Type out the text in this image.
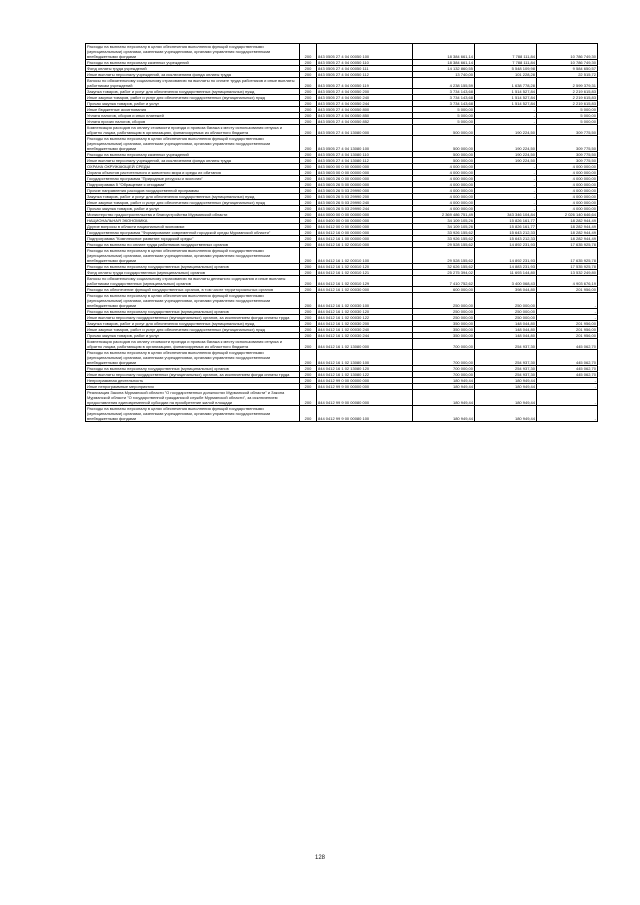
Расходы на выплаты персоналу в целях обеспечения выполнения функций государственными (муниципальными) органами, казенными учреждениями, органами управления государственными внебюджетными фондами	200	843 0505 27 4 04 00050 100	18 384 661,14	7 788 111,84	10 786 749,30
Расходы на выплаты персоналу казенных учреждений	200	843 0505 27 4 04 00050 110	18 384 661,14	7 788 111,84	10 786 749,30
Фонд оплаты труда учреждений	200	843 0505 27 4 04 00050 111	14 132 860,55	5 548 109,98	9 584 650,57
Иные выплаты персоналу учреждений, за исключением фонда оплаты труда	200	843 0505 27 4 04 00050 112	13 740,00	101 228,28	22 515,72
Взносы по обязательному социальному страхованию на выплаты по оплате труда работников и иные выплаты работникам учреждений	200	843 0505 27 4 04 00050 119	4 238 155,59	1 638 778,28	2 599 379,31
Закупка товаров, работ и услуг для обеспечения государственных (муниципальных) нужд	200	843 0505 27 4 04 00050 200	3 734 143,68	1 514 527,84	2 219 615,83
Иные закупки товаров, работ и услуг для обеспечения государственных (муниципальных) нужд	200	843 0505 27 4 04 00050 240	3 734 143,68	1 514 527,84	2 219 615,83
Прочая закупка товаров, работ и услуг	200	843 0505 27 4 04 00050 244	3 734 143,68	1 514 527,84	2 219 615,83
Иные бюджетные ассигнования	200	843 0505 27 4 04 00050 800	5 000,00	-	5 000,00
Уплата налогов, сборов и иных платежей	200	843 0505 27 4 04 00050 850	5 000,00	-	5 000,00
Уплата прочих налогов, сборов	200	843 0505 27 4 04 00050 852	5 000,00	-	5 000,00
Компенсация расходов на оплату стоимости проезда и провоза багажа к месту использования отпуска и обратно лицам, работающим в организациях, финансируемых из областного бюджета	200	843 0505 27 4 04 13080 000	500 000,00	190 224,50	309 775,50
Расходы на выплаты персоналу в целях обеспечения выполнения функций государственными (муниципальными) органами, казенными учреждениями, органами управления государственными внебюджетными фондами	200	843 0505 27 4 04 13080 100	500 000,00	190 224,50	309 775,50
Расходы на выплаты персоналу казенных учреждений	200	843 0505 27 4 04 13080 110	500 000,00	190 224,50	309 775,50
Иные выплаты персоналу учреждений, за исключением фонда оплаты труда	200	843 0505 27 4 04 13080 112	500 000,00	190 224,50	309 775,50
ОХРАНА ОКРУЖАЮЩЕЙ СРЕДЫ	200	843 0600 00 0 00 00000 000	4 000 000,00	-	4 000 000,00
Охрана объектов растительного и животного мира и среды их обитания	200	843 0603 00 0 00 00000 000	4 000 000,00	-	4 000 000,00
Государственная программа "Природные ресурсы и экология"	200	843 0603 26 0 00 00000 000	4 000 000,00	-	4 000 000,00
Подпрограмма 5 "Обращение с отходами"	200	843 0603 26 5 00 00000 000	4 000 000,00	-	4 000 000,00
Прочие направления расходов государственной программы	200	843 0603 26 5 03 29990 000	4 000 000,00	-	4 000 000,00
Закупка товаров, работ и услуг для обеспечения государственных (муниципальных) нужд	200	843 0603 26 5 03 29990 200	4 000 000,00	-	4 000 000,00
Иные закупки товаров, работ и услуг для обеспечения государственных (муниципальных) нужд	200	843 0603 26 5 03 29990 240	4 000 000,00	-	4 000 000,00
Прочая закупка товаров, работ и услуг	200	843 0603 26 5 03 29990 244	4 000 000,00	-	4 000 000,00
Министерство градостроительства и благоустройства Мурманской области	200	844 0000 00 0 00 00000 000	2 369 486 751,49	343 346 104,84	2 026 140 646,64
НАЦИОНАЛЬНАЯ ЭКОНОМИКА	200	844 0400 00 0 00 00000 000	34 109 105,26	15 826 161,77	18 282 944,49
Другие вопросы в области национальной экономики	200	844 0412 00 0 00 00000 000	34 109 105,26	15 826 161,77	18 282 944,49
Государственная программа "Формирование современной городской среды Мурманской области"	200	844 0412 16 0 00 00000 000	33 926 155,62	15 643 212,33	18 282 944,49
Подпрограмма "Комплексное развитие городской среды"	200	844 0412 16 1 00 00000 000	33 926 155,62	15 643 212,33	18 282 944,49
Расходы на выплаты по оплате труда работников государственных органов	200	844 0412 16 1 02 00010 000	29 528 155,62	14 892 231,93	17 635 925,78
Расходы на выплаты персоналу в целях обеспечения выполнения функций государственными (муниципальными) органами, казенными учреждениями, органами управления государственными внебюджетными фондами	200	844 0412 16 1 02 00010 100	29 528 155,62	14 892 231,93	17 635 925,78
Расходы на выплаты персоналу государственных (муниципальных) органов	200	844 0412 16 1 02 00010 120	32 626 155,62	14 883 231,93	17 535 925,78
Фонд оплаты труда государственных (муниципальных) органов	200	844 0412 16 1 02 00010 121	25 275 394,02	11 693 144,80	13 532 249,80
Взносы по обязательному социальному страхованию на выплаты денежного содержания и иные выплаты работникам государственных (муниципальных) органов	200	844 0412 16 1 02 00010 129	7 410 752,62	3 400 068,43	4 903 676,19
Расходы на обеспечение функций государственных органов, в том числе территориальных органов	200	844 0412 16 1 02 00030 000	600 000,00	398 044,80	201 956,00
Расходы на выплаты персоналу в целях обеспечения выполнения функций государственными (муниципальными) органами, казенными учреждениями, органами управления государственными внебюджетными фондами	200	844 0412 16 1 02 00030 100	250 000,00	250 000,00	-
Расходы на выплаты персоналу государственных (муниципальных) органов	200	844 0412 16 1 02 00030 120	250 000,00	250 000,00	-
Иные выплаты персоналу государственных (муниципальных) органов, за исключением фонда оплаты труда	200	844 0412 16 1 02 00030 122	250 000,00	250 000,00	-
Закупка товаров, работ и услуг для обеспечения государственных (муниципальных) нужд	200	844 0412 16 1 02 00030 200	350 000,00	148 044,80	201 956,00
Иные закупки товаров, работ и услуг для обеспечения государственных (муниципальных) нужд	200	844 0412 16 1 02 00030 240	350 000,00	148 044,80	201 956,00
Прочая закупка товаров, работ и услуг	200	844 0412 16 1 02 00030 244	350 000,00	148 044,80	201 956,00
Компенсация расходов на оплату стоимости проезда и провоза багажа к месту использования отпуска и обратно лицам, работающим в организациях, финансируемых из областного бюджета	200	844 0412 16 1 02 13080 000	700 000,00	254 937,30	445 062,70
Расходы на выплаты персоналу в целях обеспечения выполнения функций государственными (муниципальными) органами, казенными учреждениями, органами управления государственными внебюджетными фондами	200	844 0412 16 1 02 13080 100	700 000,00	254 937,30	445 062,70
Расходы на выплаты персоналу государственных (муниципальных) органов	200	844 0412 16 1 02 13080 120	700 000,00	254 937,30	445 062,70
Иные выплаты персоналу государственных (муниципальных) органов, за исключением фонда оплаты труда	200	844 0412 16 1 02 13080 122	700 000,00	254 937,30	445 062,70
Непрограммная деятельность	200	844 0412 99 0 00 00000 000	180 949,44	180 949,44	-
Иные непрограммные мероприятия	200	844 0412 99 9 00 00000 000	180 949,44	180 949,44	-
Реализация Закона Мурманской области "О государственных должностях Мурманской области" и Закона Мурманской области "О государственной гражданской службе Мурманской области", за исключением предоставления единовременной субсидии на приобретение жилой площади	200	844 0412 99 9 00 00080 000	180 949,44	180 949,44	-
Расходы на выплаты персоналу в целях обеспечения выполнения функций государственными (муниципальными) органами, казенными учреждениями, органами управления государственными внебюджетными фондами	200	844 0412 99 9 00 00080 100	180 949,44	180 949,44	-
128
